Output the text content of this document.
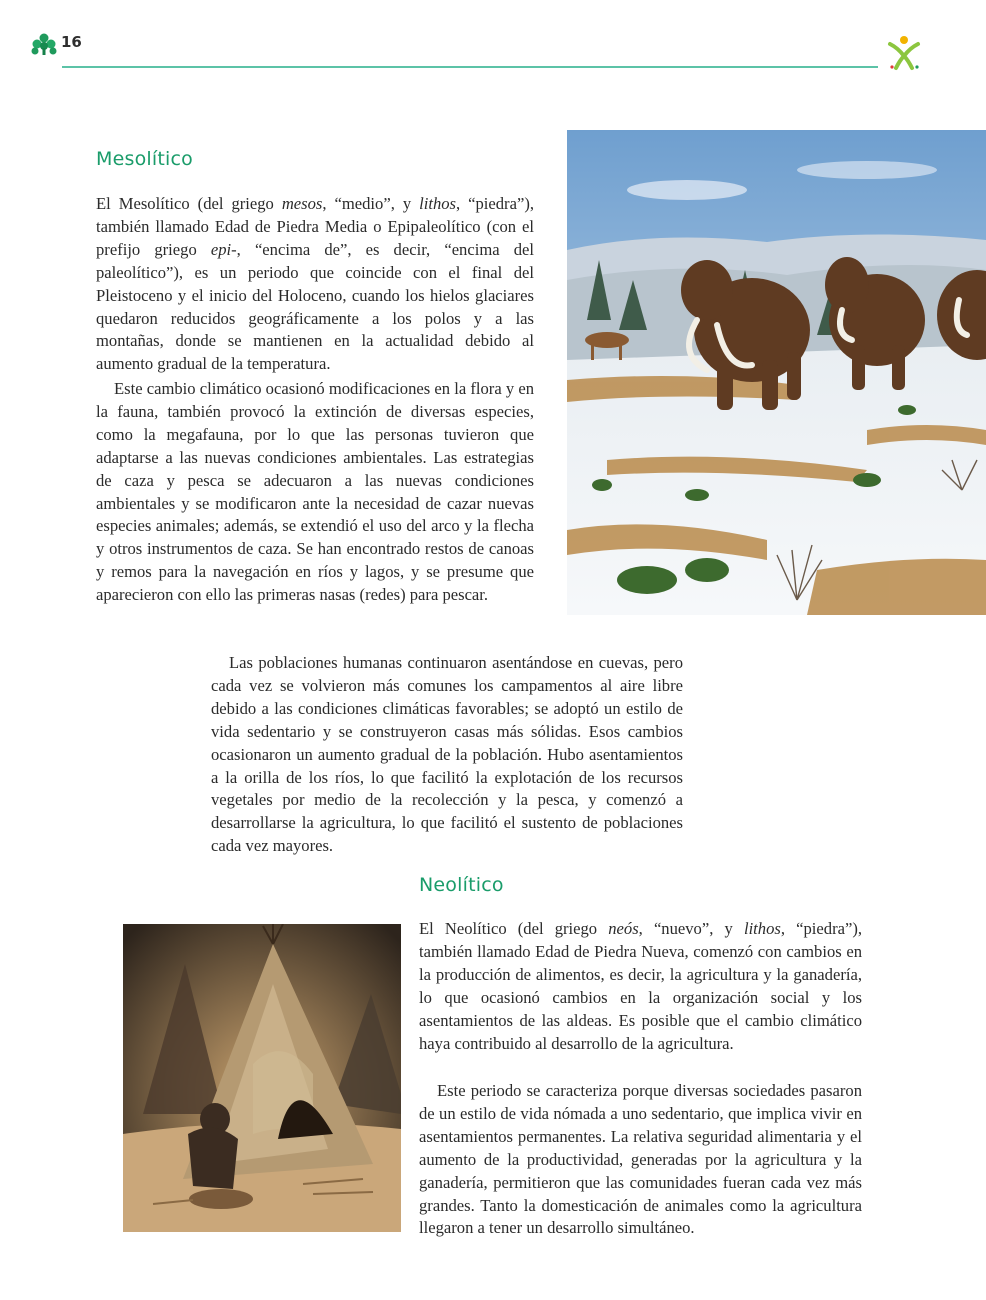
16
Mesolítico

El Mesolítico (del griego mesos, “medio”, y lithos, “piedra”), también llamado Edad de Piedra Media o Epipaleolítico (con el prefijo griego epi-, “encima de”, es decir, “encima del paleolítico”), es un periodo que coincide con el final del Pleistoceno y el inicio del Holoceno, cuando los hielos glaciares quedaron reducidos geográficamente a los polos y a las montañas, donde se mantienen en la actualidad debido al aumento gradual de la temperatura.

Este cambio climático ocasionó modificaciones en la flora y en la fauna, también provocó la extinción de diversas especies, como la megafauna, por lo que las personas tuvieron que adaptarse a las nuevas condiciones ambientales. Las estrategias de caza y pesca se adecuaron a las nuevas condiciones ambientales y se modificaron ante la necesidad de cazar nuevas especies animales; además, se extendió el uso del arco y la flecha y otros instrumentos de caza. Se han encontrado restos de canoas y remos para la navegación en ríos y lagos, y se presume que aparecieron con ello las primeras nasas (redes) para pescar.

Las poblaciones humanas continuaron asentándose en cuevas, pero cada vez se volvieron más comunes los campamentos al aire libre debido a las condiciones climáticas favorables; se adoptó un estilo de vida sedentario y se construyeron casas más sólidas. Esos cambios ocasionaron un aumento gradual de la población. Hubo asentamientos a la orilla de los ríos, lo que facilitó la explotación de los recursos vegetales por medio de la recolección y la pesca, y comenzó a desarrollarse la agricultura, lo que facilitó el sustento de poblaciones cada vez mayores.

Neolítico

El Neolítico (del griego neós, “nuevo”, y lithos, “piedra”), también llamado Edad de Piedra Nueva, comenzó con cambios en la producción de alimentos, es decir, la agricultura y la ganadería, lo que ocasionó cambios en la organización social y los asentamientos de las aldeas. Es posible que el cambio climático haya contribuido al desarrollo de la agricultura.

Este periodo se caracteriza porque diversas sociedades pasaron de un estilo de vida nómada a uno sedentario, que implica vivir en asentamientos permanentes. La relativa seguridad alimentaria y el aumento de la productividad, generadas por la agricultura y la ganadería, permitieron que las comunidades fueran cada vez más grandes. Tanto la domesticación de animales como la agricultura llegaron a tener un desarrollo simultáneo.
